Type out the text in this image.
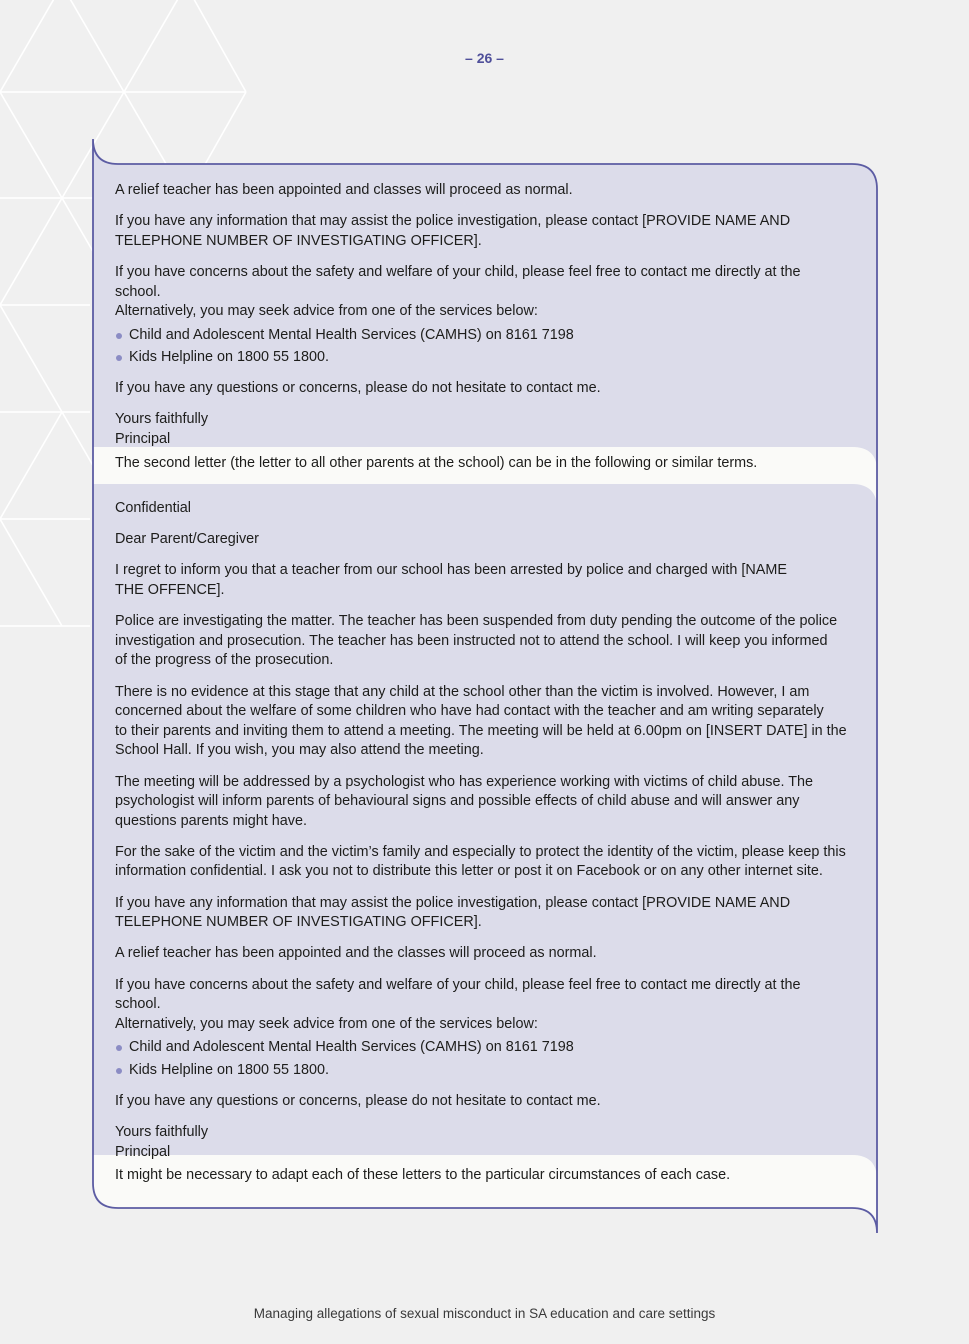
– 26 –

A relief teacher has been appointed and classes will proceed as normal.

If you have any information that may assist the police investigation, please contact [PROVIDE NAME AND
TELEPHONE NUMBER OF INVESTIGATING OFFICER].

If you have concerns about the safety and welfare of your child, please feel free to contact me directly at the school.
Alternatively, you may seek advice from one of the services below:

Child and Adolescent Mental Health Services (CAMHS) on 8161 7198
Kids Helpline on 1800 55 1800.

If you have any questions or concerns, please do not hesitate to contact me.

Yours faithfully
Principal

The second letter (the letter to all other parents at the school) can be in the following or similar terms.

Confidential

Dear Parent/Caregiver

I regret to inform you that a teacher from our school has been arrested by police and charged with [NAME
THE OFFENCE].

Police are investigating the matter. The teacher has been suspended from duty pending the outcome of the police
investigation and prosecution. The teacher has been instructed not to attend the school. I will keep you informed
of the progress of the prosecution.

There is no evidence at this stage that any child at the school other than the victim is involved. However, I am
concerned about the welfare of some children who have had contact with the teacher and am writing separately
to their parents and inviting them to attend a meeting. The meeting will be held at 6.00pm on [INSERT DATE] in the
School Hall. If you wish, you may also attend the meeting.

The meeting will be addressed by a psychologist who has experience working with victims of child abuse. The
psychologist will inform parents of behavioural signs and possible effects of child abuse and will answer any
questions parents might have.

For the sake of the victim and the victim’s family and especially to protect the identity of the victim, please keep this
information confidential. I ask you not to distribute this letter or post it on Facebook or on any other internet site.

If you have any information that may assist the police investigation, please contact [PROVIDE NAME AND
TELEPHONE NUMBER OF INVESTIGATING OFFICER].

A relief teacher has been appointed and the classes will proceed as normal.

If you have concerns about the safety and welfare of your child, please feel free to contact me directly at the school.
Alternatively, you may seek advice from one of the services below:

Child and Adolescent Mental Health Services (CAMHS) on 8161 7198
Kids Helpline on 1800 55 1800.

If you have any questions or concerns, please do not hesitate to contact me.

Yours faithfully
Principal

It might be necessary to adapt each of these letters to the particular circumstances of each case.

Managing allegations of sexual misconduct in SA education and care settings
